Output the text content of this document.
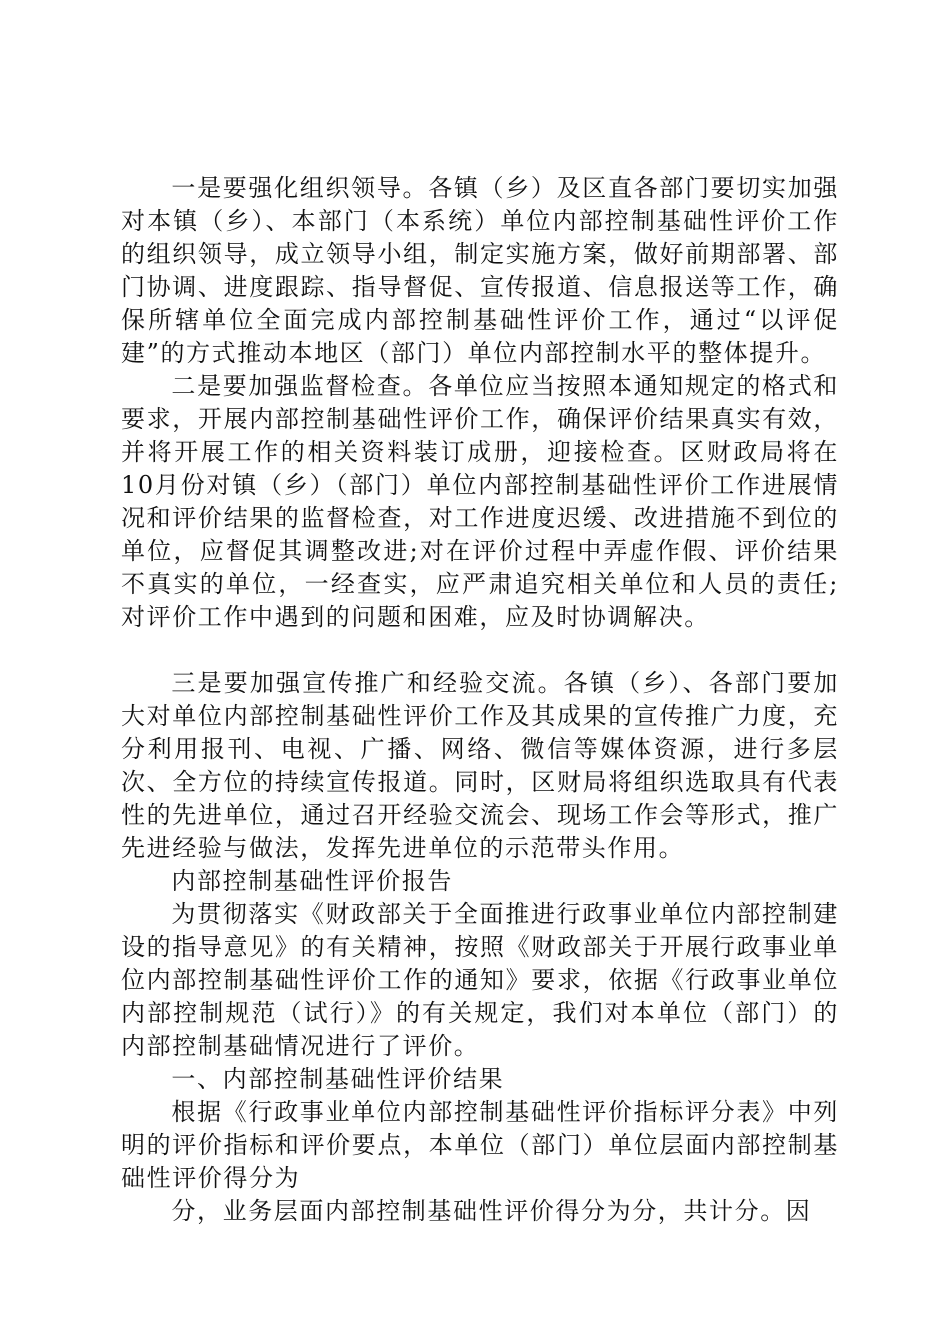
一是要强化组织领导。各镇（乡）及区直各部门要切实加强对本镇（乡）、本部门（本系统）单位内部控制基础性评价工作的组织领导，成立领导小组，制定实施方案，做好前期部署、部门协调、进度跟踪、指导督促、宣传报道、信息报送等工作，确保所辖单位全面完成内部控制基础性评价工作，通过“以评促建”的方式推动本地区（部门）单位内部控制水平的整体提升。

二是要加强监督检查。各单位应当按照本通知规定的格式和要求，开展内部控制基础性评价工作，确保评价结果真实有效，并将开展工作的相关资料装订成册，迎接检查。区财政局将在10月份对镇（乡）（部门）单位内部控制基础性评价工作进展情况和评价结果的监督检查，对工作进度迟缓、改进措施不到位的单位，应督促其调整改进;对在评价过程中弄虚作假、评价结果不真实的单位，一经查实，应严肃追究相关单位和人员的责任;对评价工作中遇到的问题和困难，应及时协调解决。

三是要加强宣传推广和经验交流。各镇（乡）、各部门要加大对单位内部控制基础性评价工作及其成果的宣传推广力度，充分利用报刊、电视、广播、网络、微信等媒体资源，进行多层次、全方位的持续宣传报道。同时，区财局将组织选取具有代表性的先进单位，通过召开经验交流会、现场工作会等形式，推广先进经验与做法，发挥先进单位的示范带头作用。

内部控制基础性评价报告

为贯彻落实《财政部关于全面推进行政事业单位内部控制建设的指导意见》的有关精神，按照《财政部关于开展行政事业单位内部控制基础性评价工作的通知》要求，依据《行政事业单位内部控制规范（试行）》的有关规定，我们对本单位（部门）的内部控制基础情况进行了评价。

一、内部控制基础性评价结果

根据《行政事业单位内部控制基础性评价指标评分表》中列明的评价指标和评价要点，本单位（部门）单位层面内部控制基础性评价得分为

分，业务层面内部控制基础性评价得分为分，共计分。因
